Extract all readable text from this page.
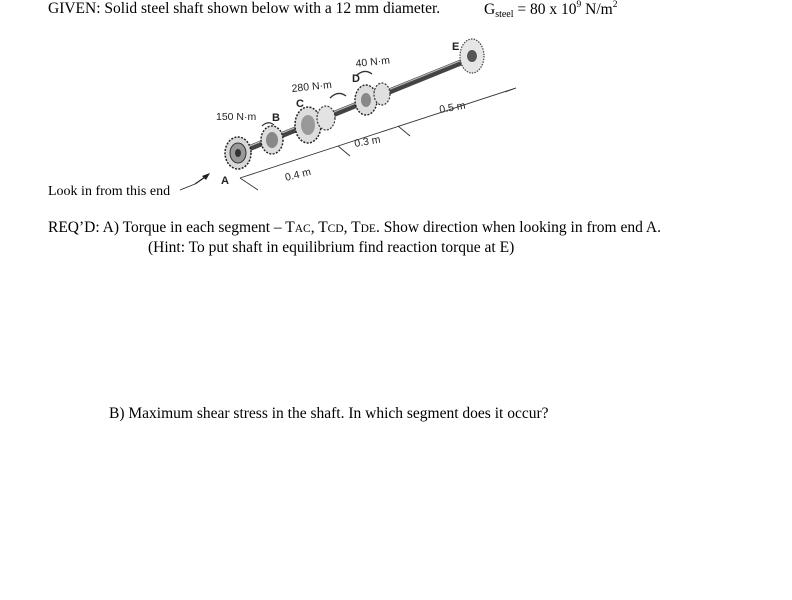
GIVEN: Solid steel shaft shown below with a 12 mm diameter.	$G_{steel} = 80$ x $10^9$ $N/m^2$
150 N·m B
280 N·m
C
40 N·m
D
E
A	0.4 m
0.3 m
0.5 m
Look in from this end
REQ’D: A) Torque in each segment – TAC, TCD, TDE. Show direction when looking in from end A.
(Hint: To put shaft in equilibrium find reaction torque at E)
B) Maximum shear stress in the shaft. In which segment does it occur?
